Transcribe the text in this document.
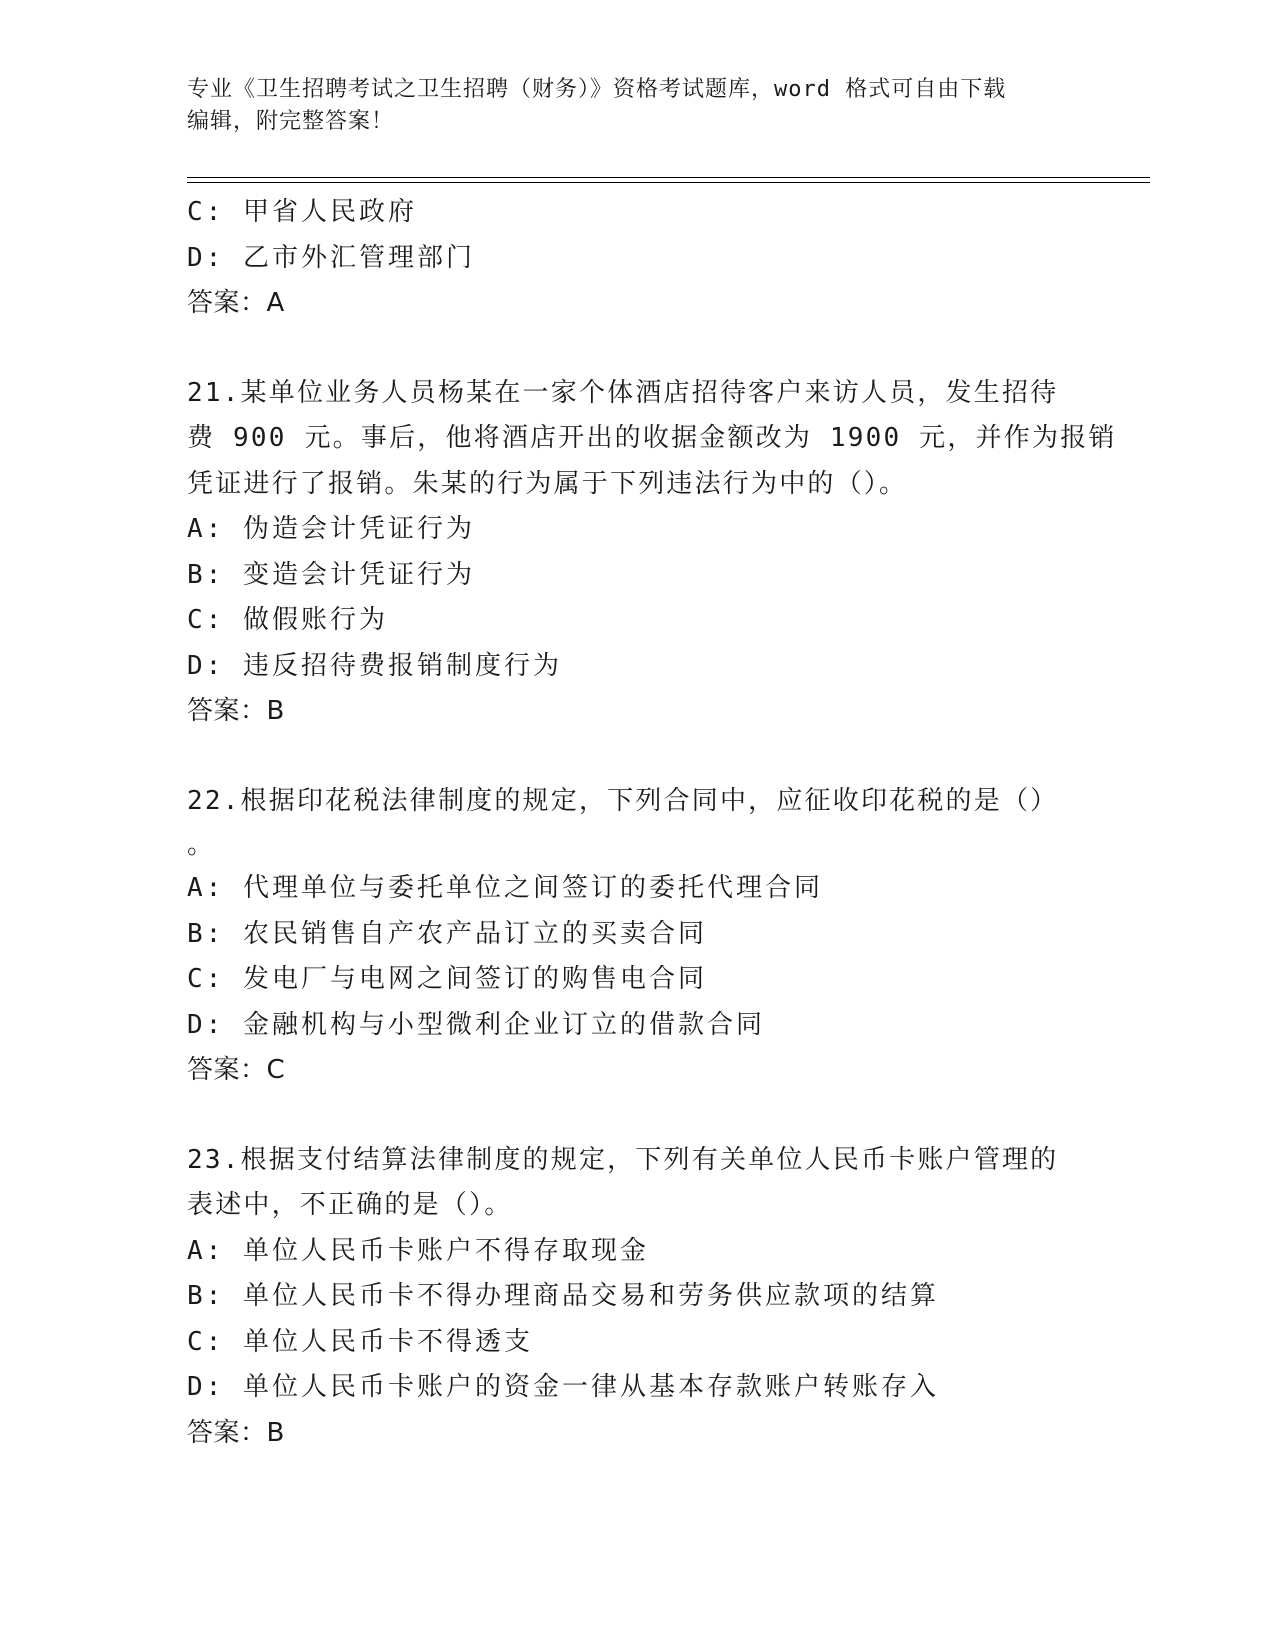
专业《卫生招聘考试之卫生招聘（财务）》资格考试题库，word 格式可自由下载
编辑，附完整答案！
C: 甲省人民政府
D: 乙市外汇管理部门
答案：A
21.某单位业务人员杨某在一家个体酒店招待客户来访人员，发生招待
费 900 元。事后，他将酒店开出的收据金额改为 1900 元，并作为报销
凭证进行了报销。朱某的行为属于下列违法行为中的（）。
A: 伪造会计凭证行为
B: 变造会计凭证行为
C: 做假账行为
D: 违反招待费报销制度行为
答案：B
22.根据印花税法律制度的规定，下列合同中，应征收印花税的是（）
。
A: 代理单位与委托单位之间签订的委托代理合同
B: 农民销售自产农产品订立的买卖合同
C: 发电厂与电网之间签订的购售电合同
D: 金融机构与小型微利企业订立的借款合同
答案：C
23.根据支付结算法律制度的规定，下列有关单位人民币卡账户管理的
表述中，不正确的是（）。
A: 单位人民币卡账户不得存取现金
B: 单位人民币卡不得办理商品交易和劳务供应款项的结算
C: 单位人民币卡不得透支
D: 单位人民币卡账户的资金一律从基本存款账户转账存入
答案：B
